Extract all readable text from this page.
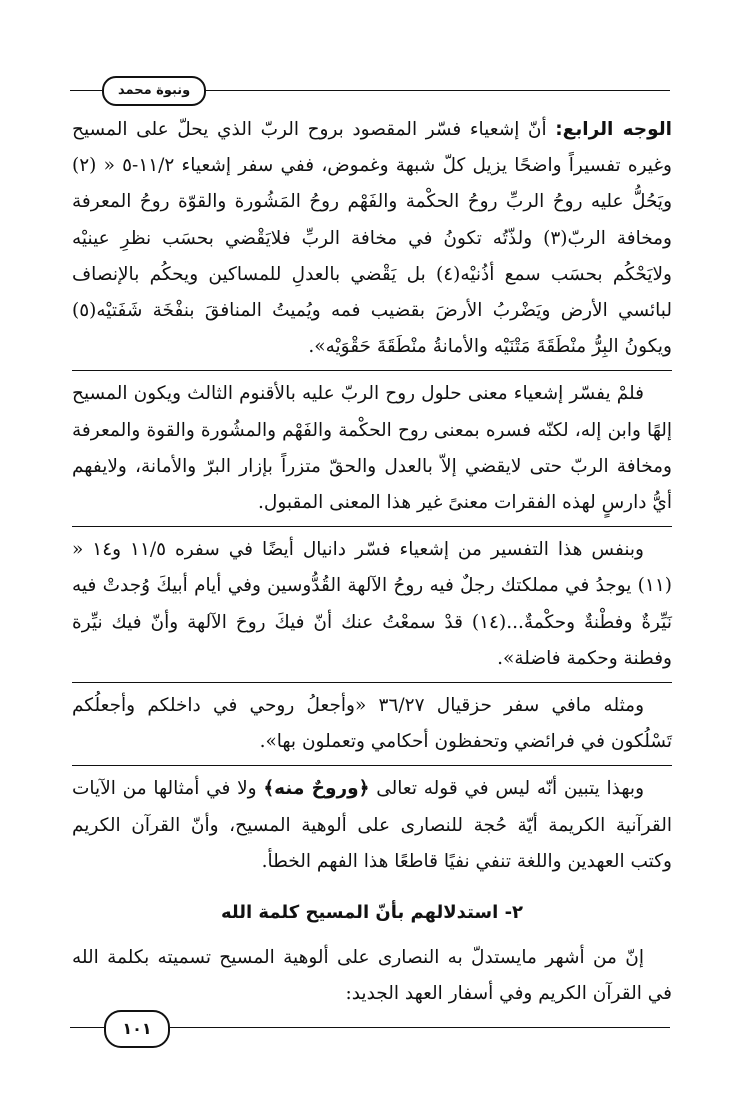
ونبوة محمد

الوجه الرابع: أنّ إشعياء فسّر المقصود بروح الربّ الذي يحلّ على المسيح وغيره تفسيراً واضحًا يزيل كلّ شبهة وغموض، ففي سفر إشعياء ١١/٢-٥ « (٢) ويَحُلُّ عليه روحُ الربِّ روحُ الحكْمة والفَهْم روحُ المَشُورة والقوّة روحُ المعرفة ومخافة الربّ(٣) ولذّتُه تكونُ في مخافة الربِّ فلايَقْضي بحسَب نظرِ عينيْه ولايَحْكُم بحسَب سمع أذُنيْه(٤) بل يَقْضي بالعدلِ للمساكين ويحكُم بالإنصاف لبائسي الأرض ويَضْربُ الأرضَ بقضيب فمه ويُميتُ المنافقَ بنفْخَة شَفَتيْه(٥) ويكونُ البِرُّ منْطَقَةَ مَتْنَيْه والأمانةُ منْطَقَةَ حَقْوَيْه».

فلمْ يفسّر إشعياء معنى حلول روح الربّ عليه بالأقنوم الثالث ويكون المسيح إلهًا وابن إله، لكنّه فسره بمعنى روح الحكْمة والفَهْم والمشُورة والقوة والمعرفة ومخافة الربّ حتى لايقضي إلاّ بالعدل والحقّ متزراً بإزار البرّ والأمانة، ولايفهم أيُّ دارسٍ لهذه الفقرات معنىً غير هذا المعنى المقبول.

وبنفس هذا التفسير من إشعياء فسّر دانيال أيضًا في سفره ١١/٥ و١٤ « (١١) يوجدُ في مملكتك رجلٌ فيه روحُ الآلهة القُدُّوسين وفي أيام أبيكَ وُجدتْ فيه نَيِّرةٌ وفطْنةٌ وحكْمةٌ...(١٤) قدْ سمعْتُ عنك أنّ فيكَ روحَ الآلهة وأنّ فيك نيِّرة وفطنة وحكمة فاضلة».

ومثله مافي سفر حزقيال ٣٦/٢٧ «وأجعلُ روحي في داخلكم وأجعلُكم تَسْلُكون في فرائضي وتحفظون أحكامي وتعملون بها».

وبهذا يتبين أنّه ليس في قوله تعالى ﴿وروحٌ منه﴾ ولا في أمثالها من الآيات القرآنية الكريمة أيّة حُجة للنصارى على ألوهية المسيح، وأنّ القرآن الكريم وكتب العهدين واللغة تنفي نفيًا قاطعًا هذا الفهم الخطأ.

٢- استدلالهم بأنّ المسيح كلمة الله

إنّ من أشهر مايستدلّ به النصارى على ألوهية المسيح تسميته بكلمة الله في القرآن الكريم وفي أسفار العهد الجديد:

١٠١
